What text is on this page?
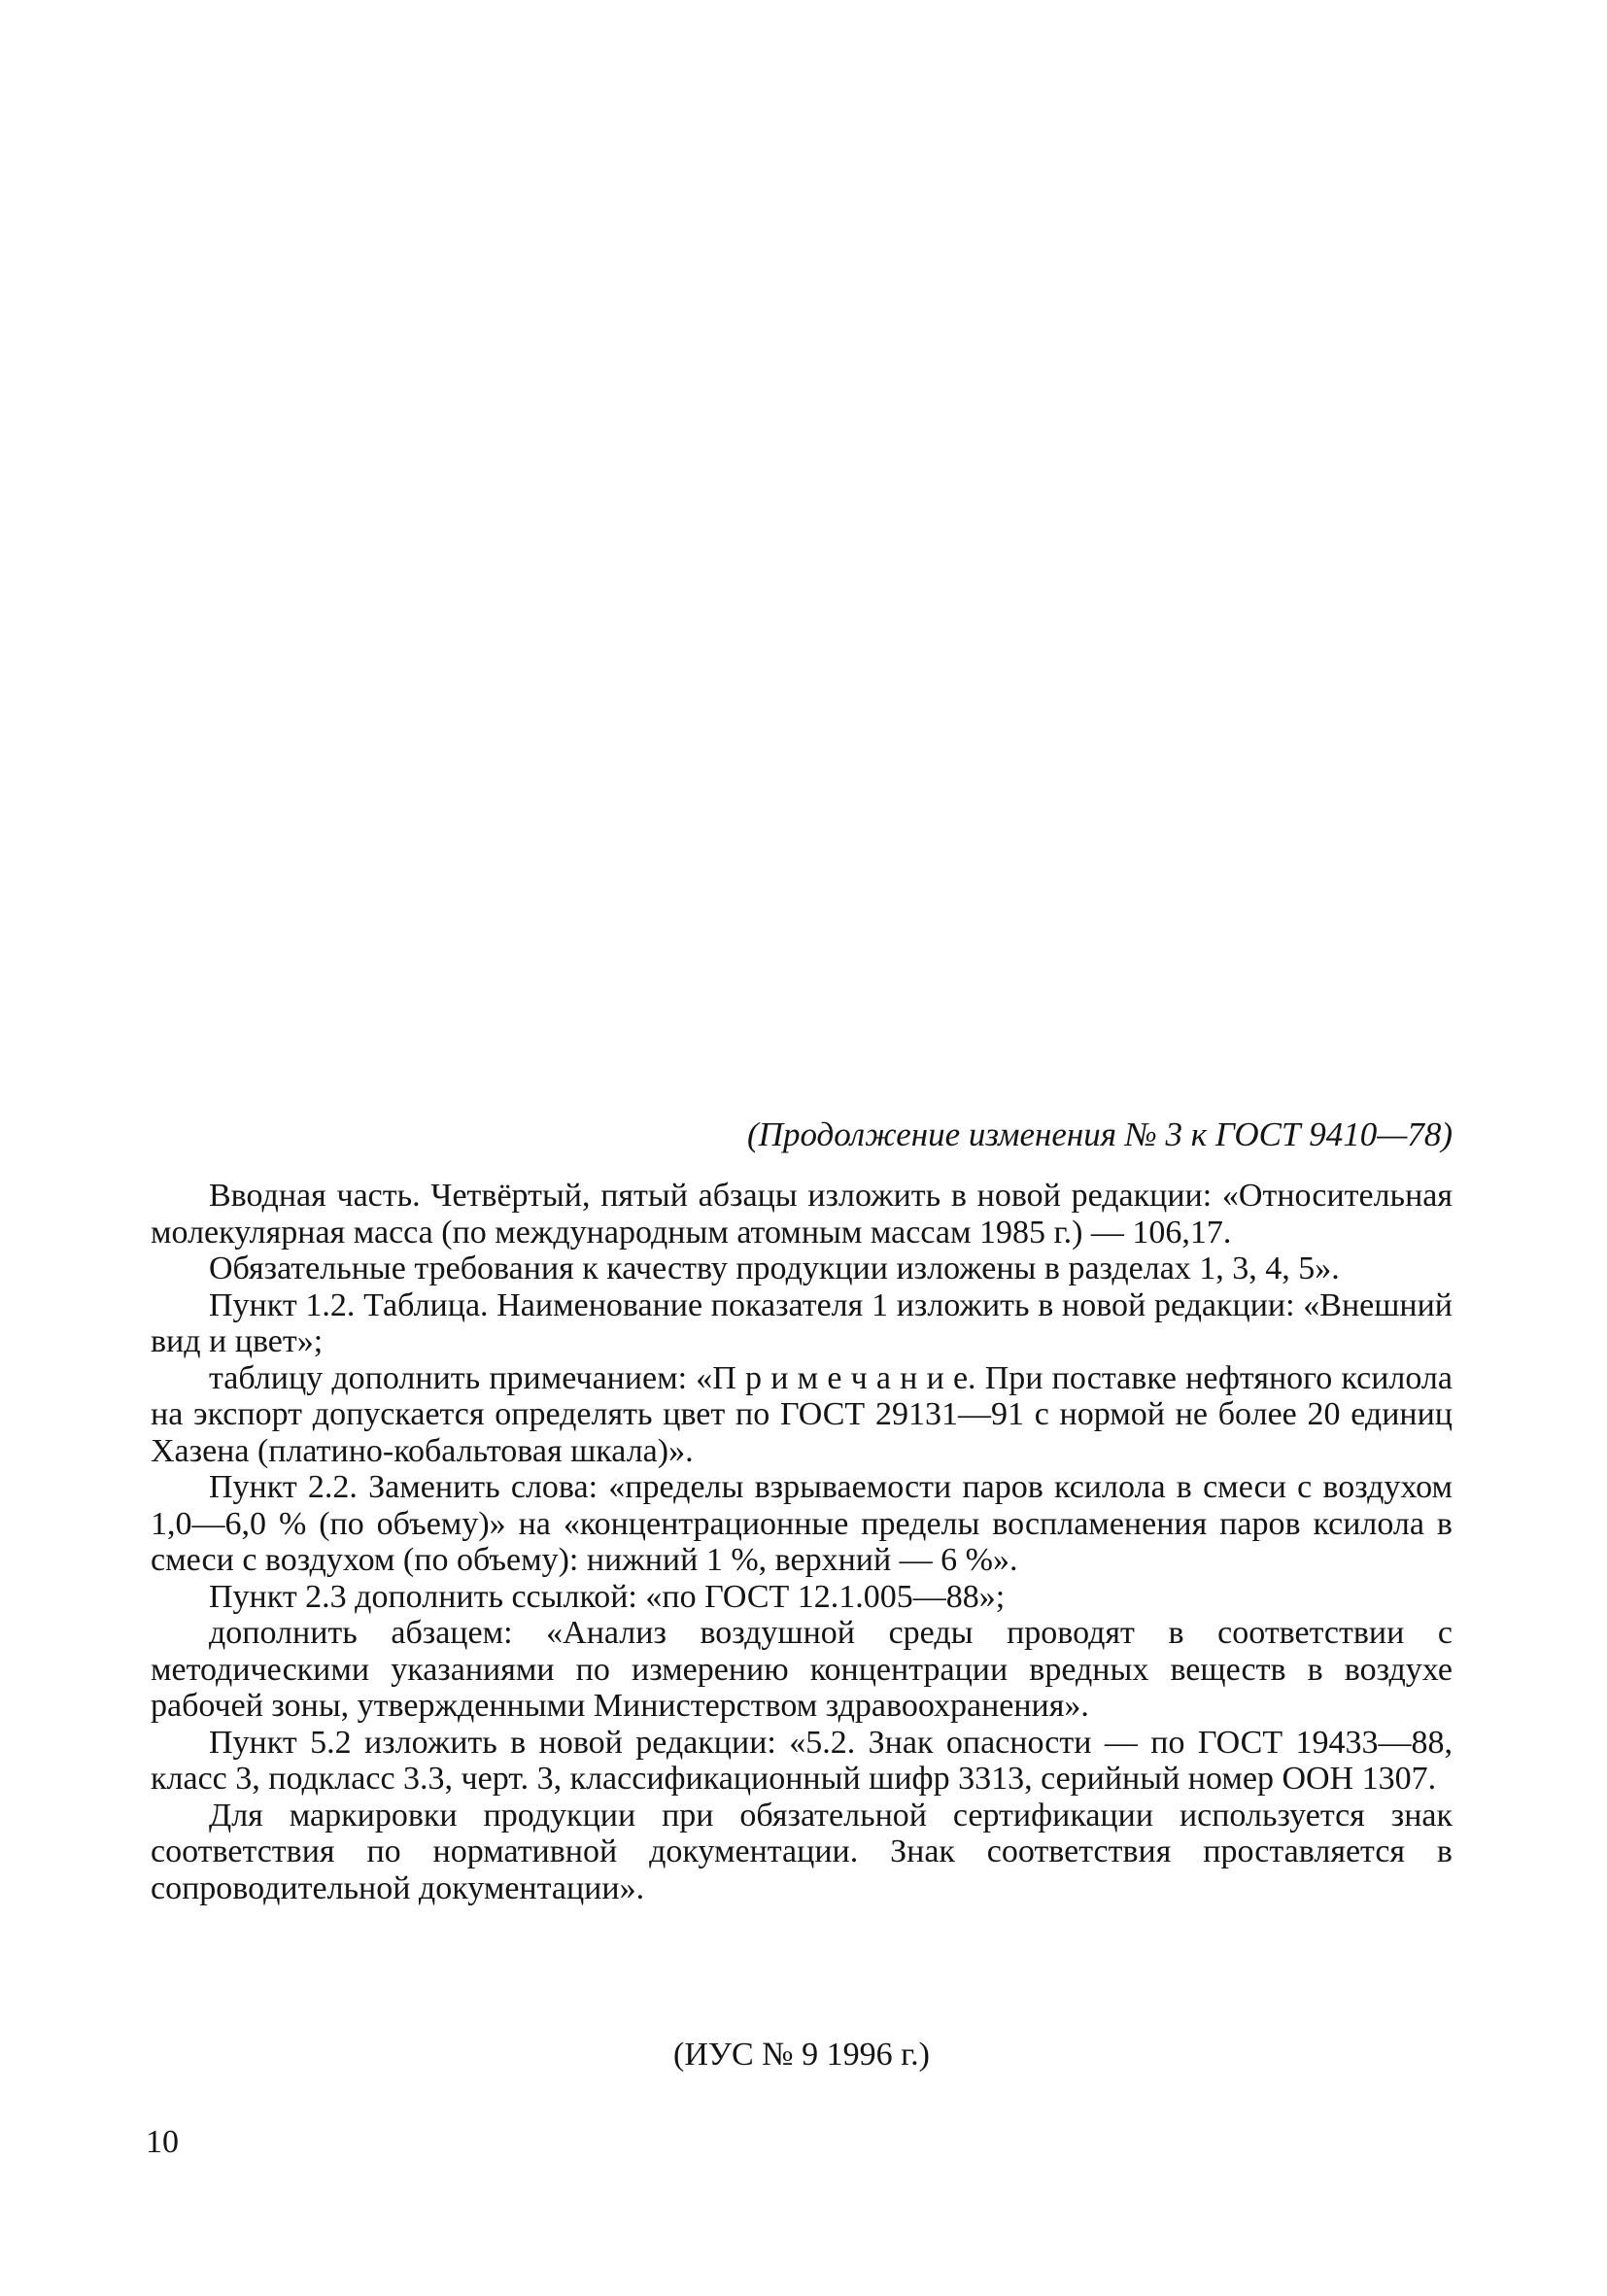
(Продолжение изменения № 3 к ГОСТ 9410—78)

Вводная часть. Четвёртый, пятый абзацы изложить в новой редакции: «Относительная молекулярная масса (по международным атомным массам 1985 г.) — 106,17.

Обязательные требования к качеству продукции изложены в разделах 1, 3, 4, 5».

Пункт 1.2. Таблица. Наименование показателя 1 изложить в новой редакции: «Внешний вид и цвет»;

таблицу дополнить примечанием: «П р и м е ч а н и е. При поставке нефтяного ксилола на экспорт допускается определять цвет по ГОСТ 29131—91 с нормой не более 20 единиц Хазена (платино-кобальтовая шкала)».

Пункт 2.2. Заменить слова: «пределы взрываемости паров ксилола в смеси с воздухом 1,0—6,0 % (по объему)» на «концентрационные пределы воспламенения паров ксилола в смеси с воздухом (по объему): нижний 1 %, верхний — 6 %».

Пункт 2.3 дополнить ссылкой: «по ГОСТ 12.1.005—88»;

дополнить абзацем: «Анализ воздушной среды проводят в соответствии с методическими указаниями по измерению концентрации вредных веществ в воздухе рабочей зоны, утвержденными Министерством здравоохранения».

Пункт 5.2 изложить в новой редакции: «5.2. Знак опасности — по ГОСТ 19433—88, класс 3, подкласс 3.3, черт. 3, классификационный шифр 3313, серийный номер ООН 1307.

Для маркировки продукции при обязательной сертификации используется знак соответствия по нормативной документации. Знак соответствия проставляется в сопроводительной документации».

(ИУС № 9 1996 г.)
10
